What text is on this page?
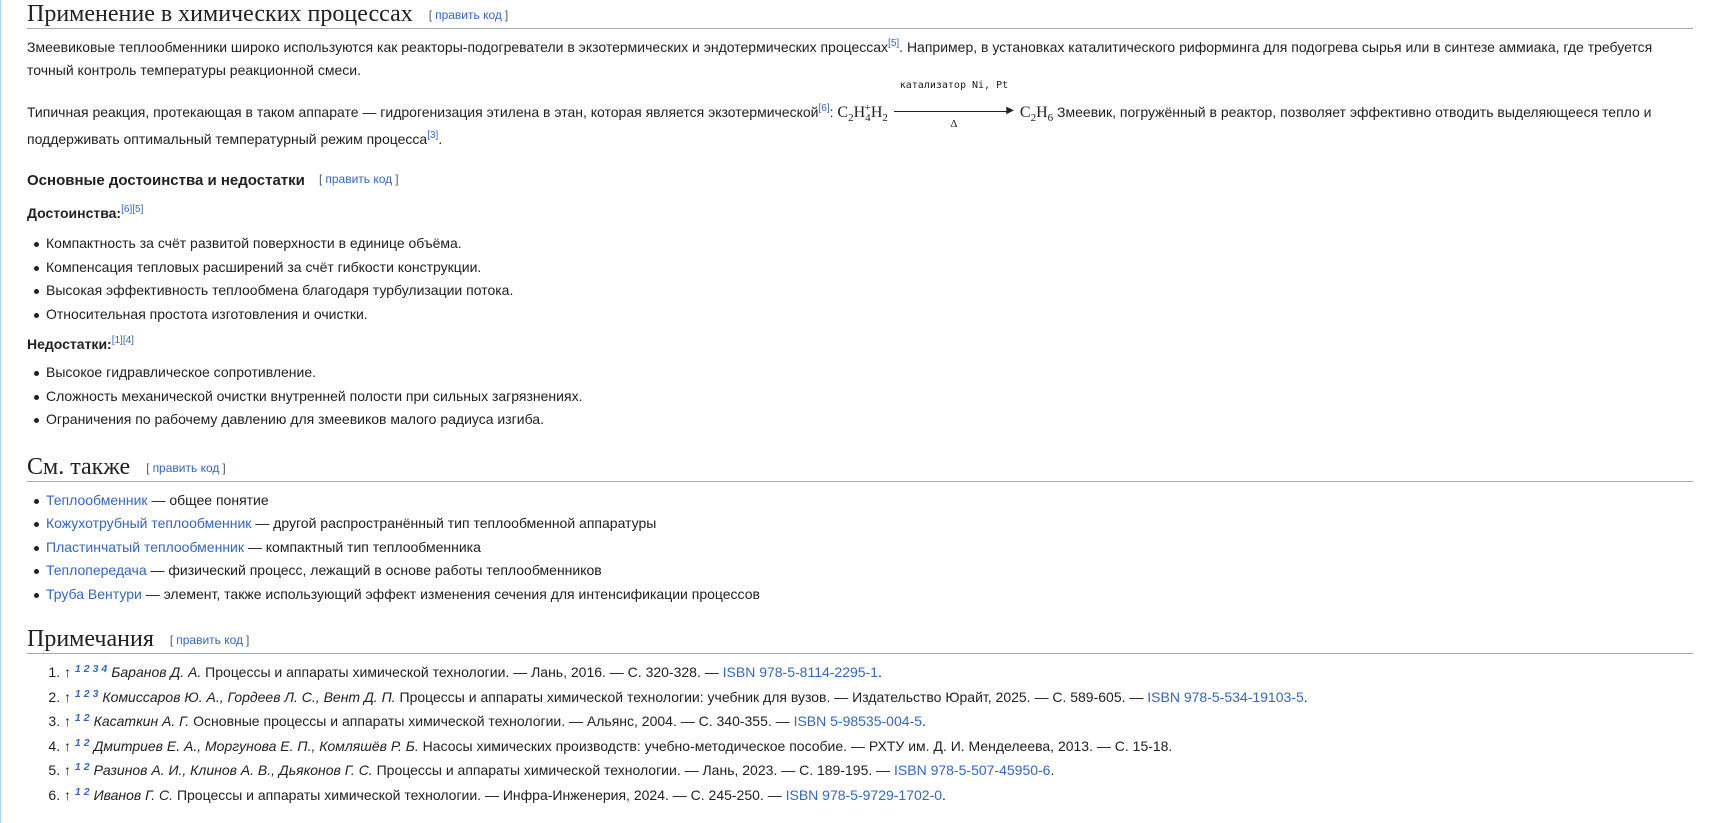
Применение в химических процессах [ править код ]

Змеевиковые теплообменники широко используются как реакторы-подогреватели в экзотермических и эндотермических процессах[5]. Например, в установках каталитического риформинга для подогрева сырья или в синтезе аммиака, где требуется точный контроль температуры реакционной смеси.

Типичная реакция, протекающая в таком аппарате — гидрогенизация этилена в этан, которая является экзотермической[6]: $C_2H_4^+H_2$
катализатор Ni, Pt
▶
Δ
$C_2H_6$ Змеевик, погружённый в реактор, позволяет эффективно отводить выделяющееся тепло и поддерживать оптимальный температурный режим процесса[3].

Основные достоинства и недостатки [ править код ]
Достоинства:[6][5]
Компактность за счёт развитой поверхности в единице объёма.
Компенсация тепловых расширений за счёт гибкости конструкции.
Высокая эффективность теплообмена благодаря турбулизации потока.
Относительная простота изготовления и очистки.
Недостатки:[1][4]
Высокое гидравлическое сопротивление.
Сложность механической очистки внутренней полости при сильных загрязнениях.
Ограничения по рабочему давлению для змеевиков малого радиуса изгиба.
См. также [ править код ]
Теплообменник — общее понятие
Кожухотрубный теплообменник — другой распространённый тип теплообменной аппаратуры
Пластинчатый теплообменник — компактный тип теплообменника
Теплопередача — физический процесс, лежащий в основе работы теплообменников
Труба Вентури — элемент, также использующий эффект изменения сечения для интенсификации процессов
Примечания [ править код ]
1. ↑ $^{1 2 3 4}$ Баранов Д. А. Процессы и аппараты химической технологии. — Лань, 2016. — С. 320-328. — ISBN 978-5-8114-2295-1.
2. ↑ $^{1 2 3}$ Комиссаров Ю. А., Гордеев Л. С., Вент Д. П. Процессы и аппараты химической технологии: учебник для вузов. — Издательство Юрайт, 2025. — С. 589-605. — ISBN 978-5-534-19103-5.
3. ↑ $^{1 2}$ Касаткин А. Г. Основные процессы и аппараты химической технологии. — Альянс, 2004. — С. 340-355. — ISBN 5-98535-004-5.
4. ↑ $^{1 2}$ Дмитриев Е. А., Моргунова Е. П., Комляшёв Р. Б. Насосы химических производств: учебно-методическое пособие. — РХТУ им. Д. И. Менделеева, 2013. — С. 15-18.
5. ↑ $^{1 2}$ Разинов А. И., Клинов А. В., Дьяконов Г. С. Процессы и аппараты химической технологии. — Лань, 2023. — С. 189-195. — ISBN 978-5-507-45950-6.
6. ↑ $^{1 2}$ Иванов Г. С. Процессы и аппараты химической технологии. — Инфра-Инженерия, 2024. — С. 245-250. — ISBN 978-5-9729-1702-0.
